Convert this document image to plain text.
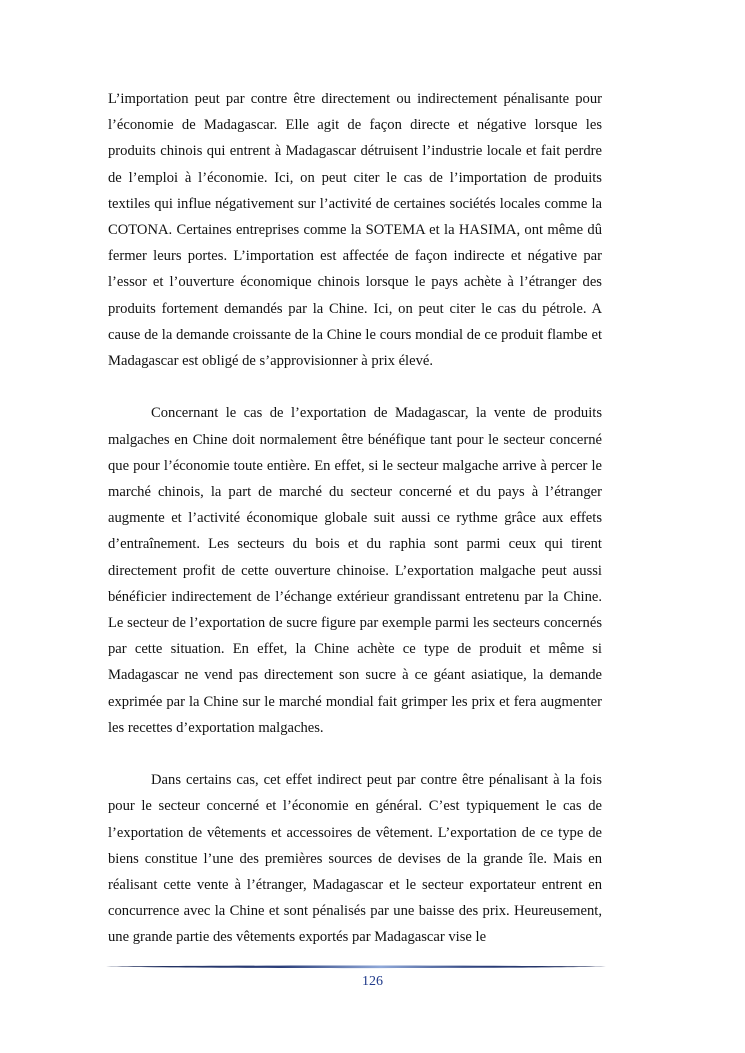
L’importation peut par contre être directement ou indirectement pénalisante pour l’économie de Madagascar. Elle agit de façon directe et négative lorsque les produits chinois qui entrent à Madagascar détruisent l’industrie locale et fait perdre de l’emploi à l’économie. Ici, on peut citer le cas de l’importation de produits textiles qui influe négativement sur l’activité de certaines sociétés locales comme la COTONA. Certaines entreprises comme la SOTEMA et la HASIMA, ont même dû fermer leurs portes. L’importation est affectée de façon indirecte et négative par l’essor et l’ouverture économique chinois lorsque le pays achète à l’étranger des produits fortement demandés par la Chine. Ici, on peut citer le cas du pétrole. A cause de la demande croissante de la Chine le cours mondial de ce produit flambe et Madagascar est obligé de s’approvisionner à prix élevé.

Concernant le cas de l’exportation de Madagascar, la vente de produits malgaches en Chine doit normalement être bénéfique tant pour le secteur concerné que pour l’économie toute entière. En effet, si le secteur malgache arrive à percer le marché chinois, la part de marché du secteur concerné et du pays à l’étranger augmente et l’activité économique globale suit aussi ce rythme grâce aux effets d’entraînement. Les secteurs du bois et du raphia sont parmi ceux qui tirent directement profit de cette ouverture chinoise. L’exportation malgache peut aussi bénéficier indirectement de l’échange extérieur grandissant entretenu par la Chine. Le secteur de l’exportation de sucre figure par exemple parmi les secteurs concernés par cette situation. En effet, la Chine achète ce type de produit et même si Madagascar ne vend pas directement son sucre à ce géant asiatique, la demande exprimée par la Chine sur le marché mondial fait grimper les prix et fera augmenter les recettes d’exportation malgaches.

Dans certains cas, cet effet indirect peut par contre être pénalisant à la fois pour le secteur concerné et l’économie en général. C’est typiquement le cas de l’exportation de vêtements et accessoires de vêtement. L’exportation de ce type de biens constitue l’une des premières sources de devises de la grande île. Mais en réalisant cette vente à l’étranger, Madagascar et le secteur exportateur entrent en concurrence avec la Chine et sont pénalisés par une baisse des prix. Heureusement, une grande partie des vêtements exportés par Madagascar vise le

126
